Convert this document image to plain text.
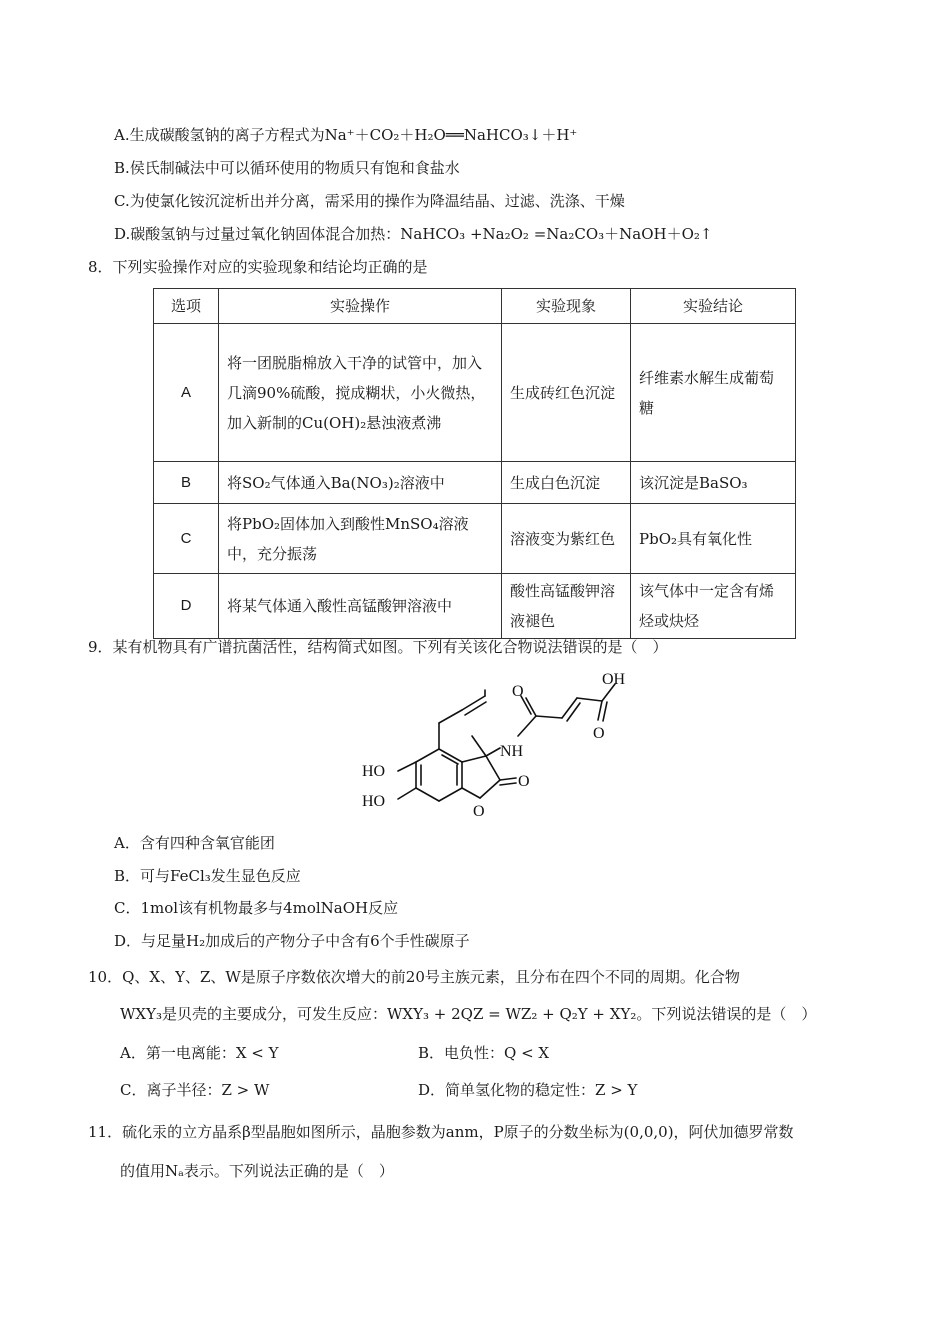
A.生成碳酸氢钠的离子方程式为Na⁺＋CO₂＋H₂O══NaHCO₃↓＋H⁺
B.侯氏制碱法中可以循环使用的物质只有饱和食盐水
C.为使氯化铵沉淀析出并分离，需采用的操作为降温结晶、过滤、洗涤、干燥
D.碳酸氢钠与过量过氧化钠固体混合加热：NaHCO₃ +Na₂O₂ =Na₂CO₃＋NaOH＋O₂↑
8．下列实验操作对应的实验现象和结论均正确的是
选项	实验操作	实验现象	实验结论
A	将一团脱脂棉放入干净的试管中，加入几滴90%硫酸，搅成糊状，小火微热，加入新制的Cu(OH)₂悬浊液煮沸	生成砖红色沉淀	纤维素水解生成葡萄糖
B	将SO₂气体通入Ba(NO₃)₂溶液中	生成白色沉淀	该沉淀是BaSO₃
C	将PbO₂固体加入到酸性MnSO₄溶液中，充分振荡	溶液变为紫红色	PbO₂具有氧化性
D	将某气体通入酸性高锰酸钾溶液中	酸性高锰酸钾溶液褪色	该气体中一定含有烯烃或炔烃
9．某有机物具有广谱抗菌活性，结构简式如图。下列有关该化合物说法错误的是（　）
OH
O
O
NH
HO
HO
O
O
A．含有四种含氧官能团
B．可与FeCl₃发生显色反应
C．1mol该有机物最多与4molNaOH反应
D．与足量H₂加成后的产物分子中含有6个手性碳原子
10．Q、X、Y、Z、W是原子序数依次增大的前20号主族元素，且分布在四个不同的周期。化合物
WXY₃是贝壳的主要成分，可发生反应：WXY₃ + 2QZ = WZ₂ + Q₂Y + XY₂。下列说法错误的是（　）
A．第一电离能：X < Y	B．电负性：Q < X
C．离子半径：Z > W	D．简单氢化物的稳定性：Z > Y
11．硫化汞的立方晶系β型晶胞如图所示，晶胞参数为anm，P原子的分数坐标为(0,0,0)，阿伏加德罗常数
的值用Nₐ表示。下列说法正确的是（　）
